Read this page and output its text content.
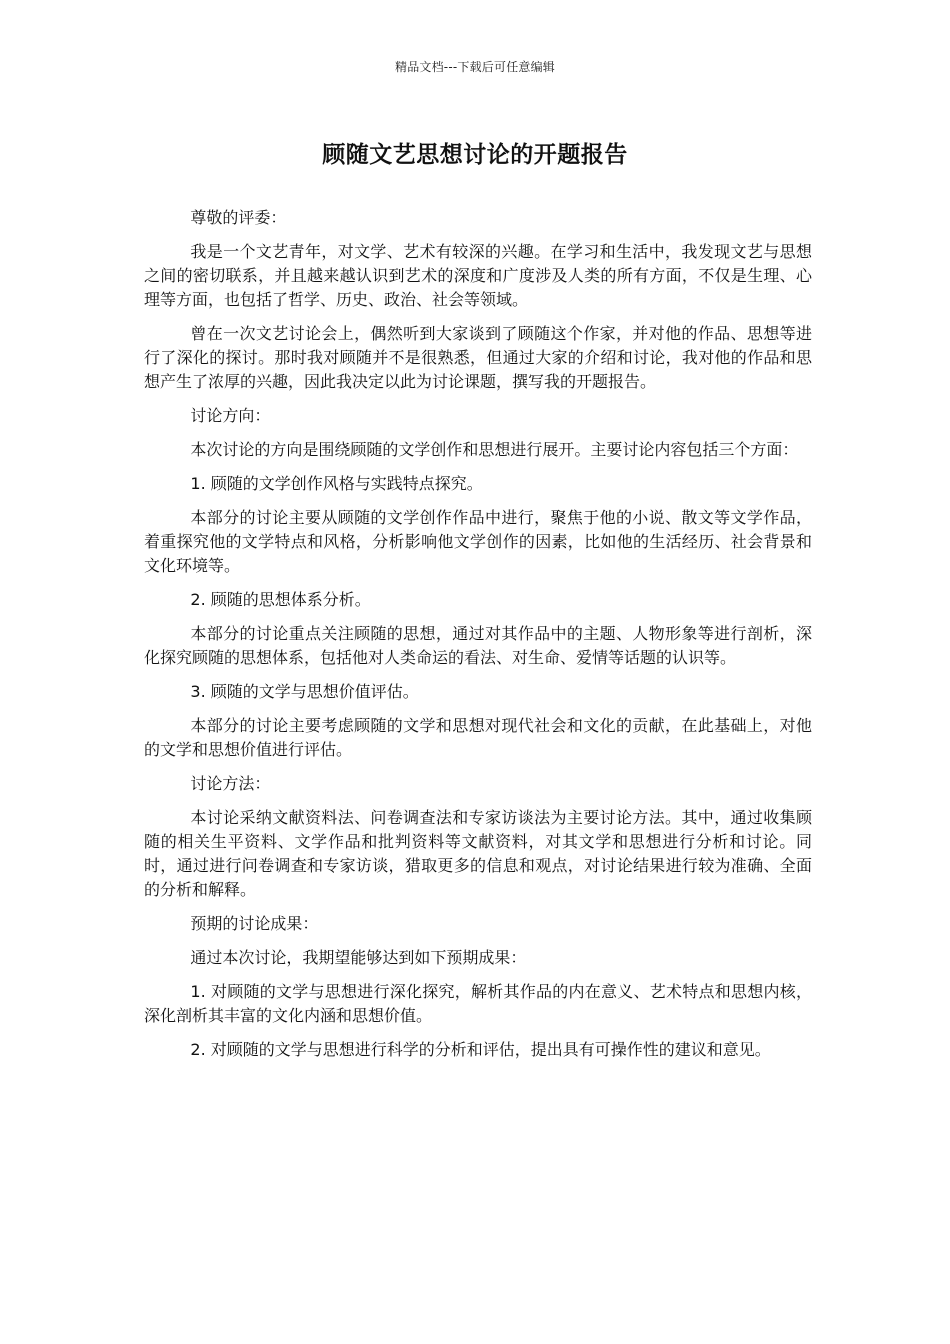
精品文档---下载后可任意编辑
顾随文艺思想讨论的开题报告

尊敬的评委：

我是一个文艺青年，对文学、艺术有较深的兴趣。在学习和生活中，我发现文艺与思想之间的密切联系，并且越来越认识到艺术的深度和广度涉及人类的所有方面，不仅是生理、心理等方面，也包括了哲学、历史、政治、社会等领域。

曾在一次文艺讨论会上，偶然听到大家谈到了顾随这个作家，并对他的作品、思想等进行了深化的探讨。那时我对顾随并不是很熟悉，但通过大家的介绍和讨论，我对他的作品和思想产生了浓厚的兴趣，因此我决定以此为讨论课题，撰写我的开题报告。

讨论方向：

本次讨论的方向是围绕顾随的文学创作和思想进行展开。主要讨论内容包括三个方面：

1. 顾随的文学创作风格与实践特点探究。

本部分的讨论主要从顾随的文学创作作品中进行，聚焦于他的小说、散文等文学作品，着重探究他的文学特点和风格，分析影响他文学创作的因素，比如他的生活经历、社会背景和文化环境等。

2. 顾随的思想体系分析。

本部分的讨论重点关注顾随的思想，通过对其作品中的主题、人物形象等进行剖析，深化探究顾随的思想体系，包括他对人类命运的看法、对生命、爱情等话题的认识等。

3. 顾随的文学与思想价值评估。

本部分的讨论主要考虑顾随的文学和思想对现代社会和文化的贡献，在此基础上，对他的文学和思想价值进行评估。

讨论方法：

本讨论采纳文献资料法、问卷调查法和专家访谈法为主要讨论方法。其中，通过收集顾随的相关生平资料、文学作品和批判资料等文献资料，对其文学和思想进行分析和讨论。同时，通过进行问卷调查和专家访谈，猎取更多的信息和观点，对讨论结果进行较为准确、全面的分析和解释。

预期的讨论成果：

通过本次讨论，我期望能够达到如下预期成果：

1. 对顾随的文学与思想进行深化探究，解析其作品的内在意义、艺术特点和思想内核，深化剖析其丰富的文化内涵和思想价值。

2. 对顾随的文学与思想进行科学的分析和评估，提出具有可操作性的建议和意见。
